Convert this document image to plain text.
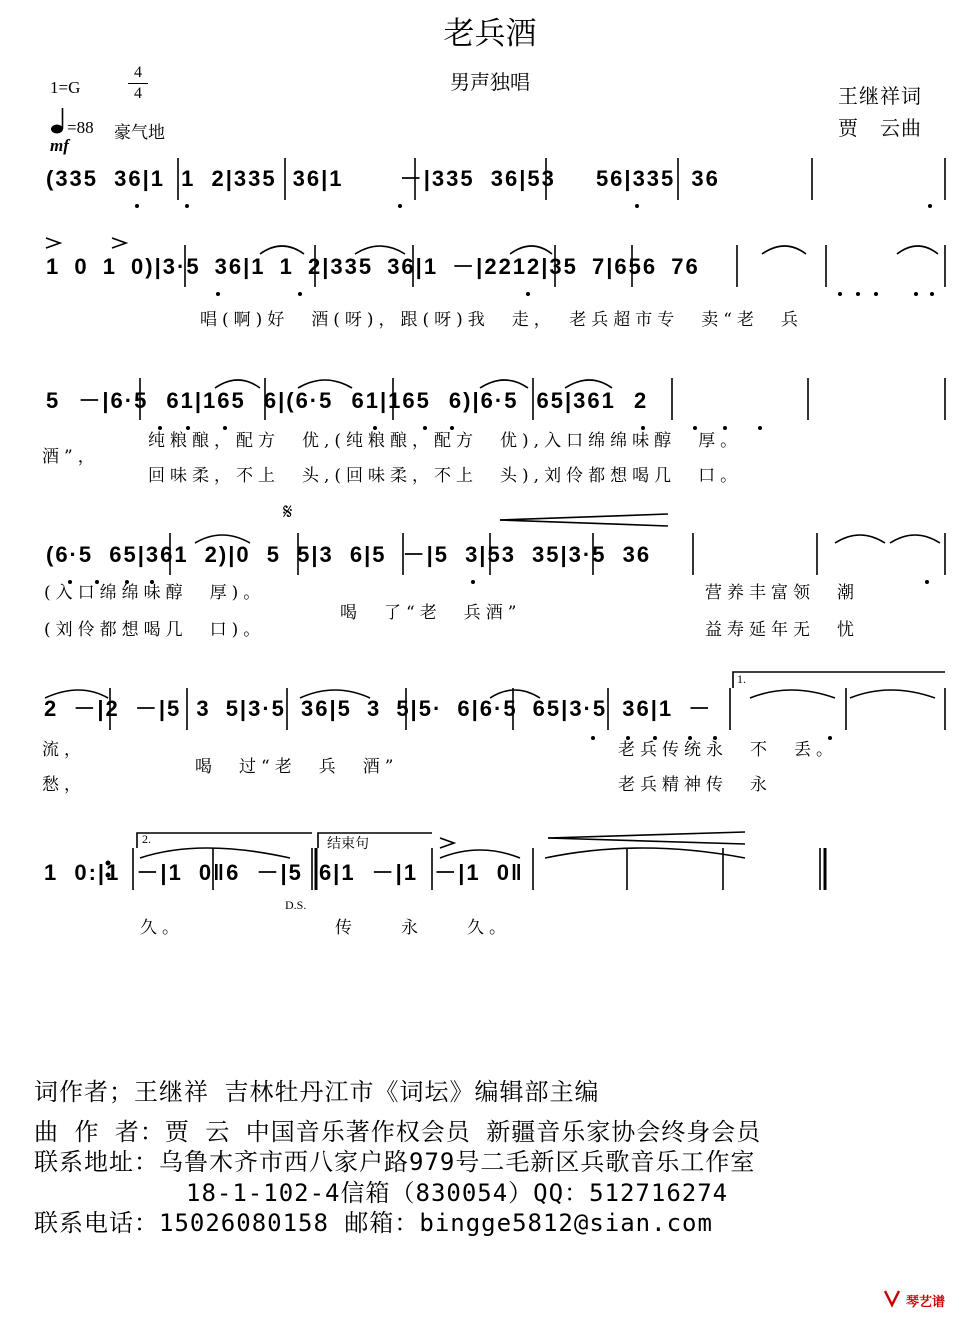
老兵酒
男声独唱
1=G
4
4
=88 豪气地
mf
王继祥词
贾　云曲
𝄋
(335 36|1 1 2|335 36|1 　 －|335 36|53 　56|335 36
1 0 1 0)|3·5 36|1 1 2|335 36|1 －|2212|35 7|656 76
唱(啊)好　酒(呀)，跟(呀)我　走，　老兵超市专　卖“老　兵
5 －|6·5 61|165 6|(6·5 61|165 6)|6·5 65|361 2
酒”，
纯粮酿，配方　优,(纯粮酿，配方　优),入口绵绵味醇　厚。
回味柔，不上　头,(回味柔，不上　头),刘伶都想喝几　口。
(6·5 65|361 2)|0 5 5|3 6|5 －|5 3|53 35|3·5 36
(入口绵绵味醇　厚)。
(刘伶都想喝几　口)。
喝　了“老　兵酒”
营养丰富领　潮
益寿延年无　忧
1.
2 －|2 －|5 3 5|3·5 36|5 3 5|5· 6|6·5 65|3·5 36|1 －
流，
愁，
喝　过“老　兵　酒”
老兵传统永　不　丢。
老兵精神传　永
2.	结束句
1 0:|1 －|1 0‖6 －|5 6|1 －|1 －|1 0‖
D.S.
久。	传　　永　　久。
词作者；王继祥 吉林牡丹江市《词坛》编辑部主编
曲 作 者：贾 云 中国音乐著作权会员 新疆音乐家协会终身会员
联系地址：乌鲁木齐市西八家户路979号二毛新区兵歌音乐工作室
18-1-102-4信箱（830054）QQ：512716274
联系电话：15026080158 邮箱：bingge5812@sian.com
琴艺谱
